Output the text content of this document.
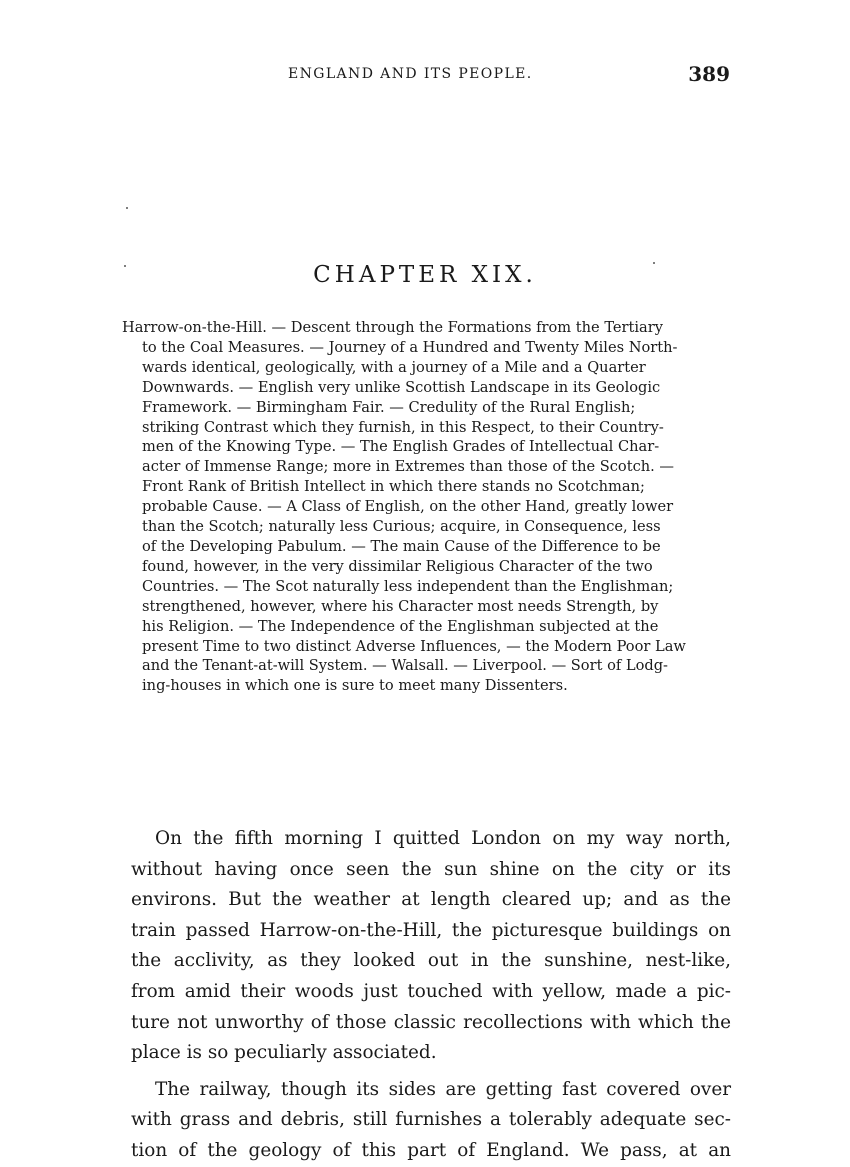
ENGLAND AND ITS PEOPLE.	389
CHAPTER XIX.
Harrow-on-the-Hill. — Descent through the Formations from the Tertiary
to the Coal Measures. — Journey of a Hundred and Twenty Miles North-
wards identical, geologically, with a journey of a Mile and a Quarter
Downwards. — English very unlike Scottish Landscape in its Geologic
Framework. — Birmingham Fair. — Credulity of the Rural English;
striking Contrast which they furnish, in this Respect, to their Country-
men of the Knowing Type. — The English Grades of Intellectual Char-
acter of Immense Range; more in Extremes than those of the Scotch. —
Front Rank of British Intellect in which there stands no Scotchman;
probable Cause. — A Class of English, on the other Hand, greatly lower
than the Scotch; naturally less Curious; acquire, in Consequence, less
of the Developing Pabulum. — The main Cause of the Difference to be
found, however, in the very dissimilar Religious Character of the two
Countries. — The Scot naturally less independent than the Englishman;
strengthened, however, where his Character most needs Strength, by
his Religion. — The Independence of the Englishman subjected at the
present Time to two distinct Adverse Influences, — the Modern Poor Law
and the Tenant-at-will System. — Walsall. — Liverpool. — Sort of Lodg-
ing-houses in which one is sure to meet many Dissenters.
On the fifth morning I quitted London on my way north,
without having once seen the sun shine on the city or its
environs. But the weather at length cleared up; and as the
train passed Harrow-on-the-Hill, the picturesque buildings on
the acclivity, as they looked out in the sunshine, nest-like,
from amid their woods just touched with yellow, made a pic-
ture not unworthy of those classic recollections with which the
place is so peculiarly associated.
The railway, though its sides are getting fast covered over
with grass and debris, still furnishes a tolerably adequate sec-
tion of the geology of this part of England. We pass, at an
